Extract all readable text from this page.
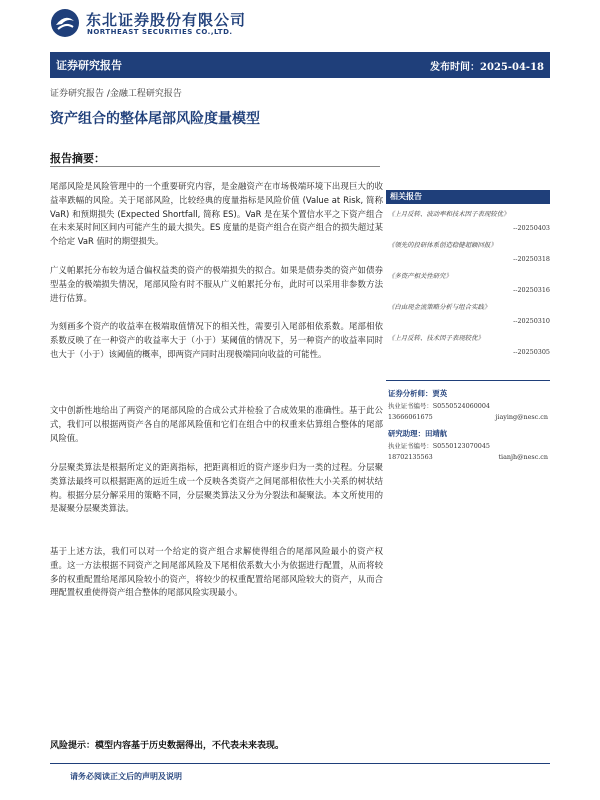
东北证券股份有限公司
NORTHEAST SECURITIES CO.,LTD.
证券研究报告	发布时间：2025-04-18
证券研究报告 /金融工程研究报告
资产组合的整体尾部风险度量模型
报告摘要：

尾部风险是风险管理中的一个重要研究内容，是金融资产在市场极端环境下出现巨大的收益率跌幅的风险。关于尾部风险，比较经典的度量指标是风险价值 (Value at Risk, 简称 VaR) 和预期损失 (Expected Shortfall, 简称 ES)。VaR 是在某个置信水平之下资产组合在未来某时间区间内可能产生的最大损失。ES 度量的是资产组合在资产组合的损失超过某个给定 VaR 值时的期望损失。

广义帕累托分布较为适合偏权益类的资产的极端损失的拟合。如果是债券类的资产如债券型基金的极端损失情况，尾部风险有时不服从广义帕累托分布，此时可以采用非参数方法进行估算。

为刻画多个资产的收益率在极端取值情况下的相关性，需要引入尾部相依系数。尾部相依系数反映了在一种资产的收益率大于（小于）某阈值的情况下，另一种资产的收益率同时也大于（小于）该阈值的概率，即两资产同时出现极端同向收益的可能性。

文中创新性地给出了两资产的尾部风险的合成公式并检验了合成效果的准确性。基于此公式，我们可以根据两资产各自的尾部风险值和它们在组合中的权重来估算组合整体的尾部风险值。

分层聚类算法是根据所定义的距离指标，把距离相近的资产逐步归为一类的过程。分层聚类算法最终可以根据距离的远近生成一个反映各类资产之间尾部相依性大小关系的树状结构。根据分层分解采用的策略不同，分层聚类算法又分为分裂法和凝聚法。本文所使用的是凝聚分层聚类算法。

基于上述方法，我们可以对一个给定的资产组合求解使得组合的尾部风险最小的资产权重。这一方法根据不同资产之间尾部风险及下尾相依系数大小为依据进行配置，从而将较多的权重配置给尾部风险较小的资产，将较少的权重配置给尾部风险较大的资产，从而合理配置权重使得资产组合整体的尾部风险实现最小。

相关报告
《上月反转、波动率和技术因子表现较优》
--20250403
《领先的投研体系创造稳健超额回报》
--20250318
《多资产相关性研究》
--20250316
《白由现金流策略分析与组合实践》
--20250310
《上月反转、技术因子表现较优》
--20250305
证券分析师：贾英
执业证书编号：S0550524060004
13666061675	jiaying@nesc.cn
研究助理：田靖航
执业证书编号：S0550123070045
18702135563	tianjh@nesc.cn
风险提示：模型内容基于历史数据得出，不代表未来表现。
请务必阅读正文后的声明及说明
